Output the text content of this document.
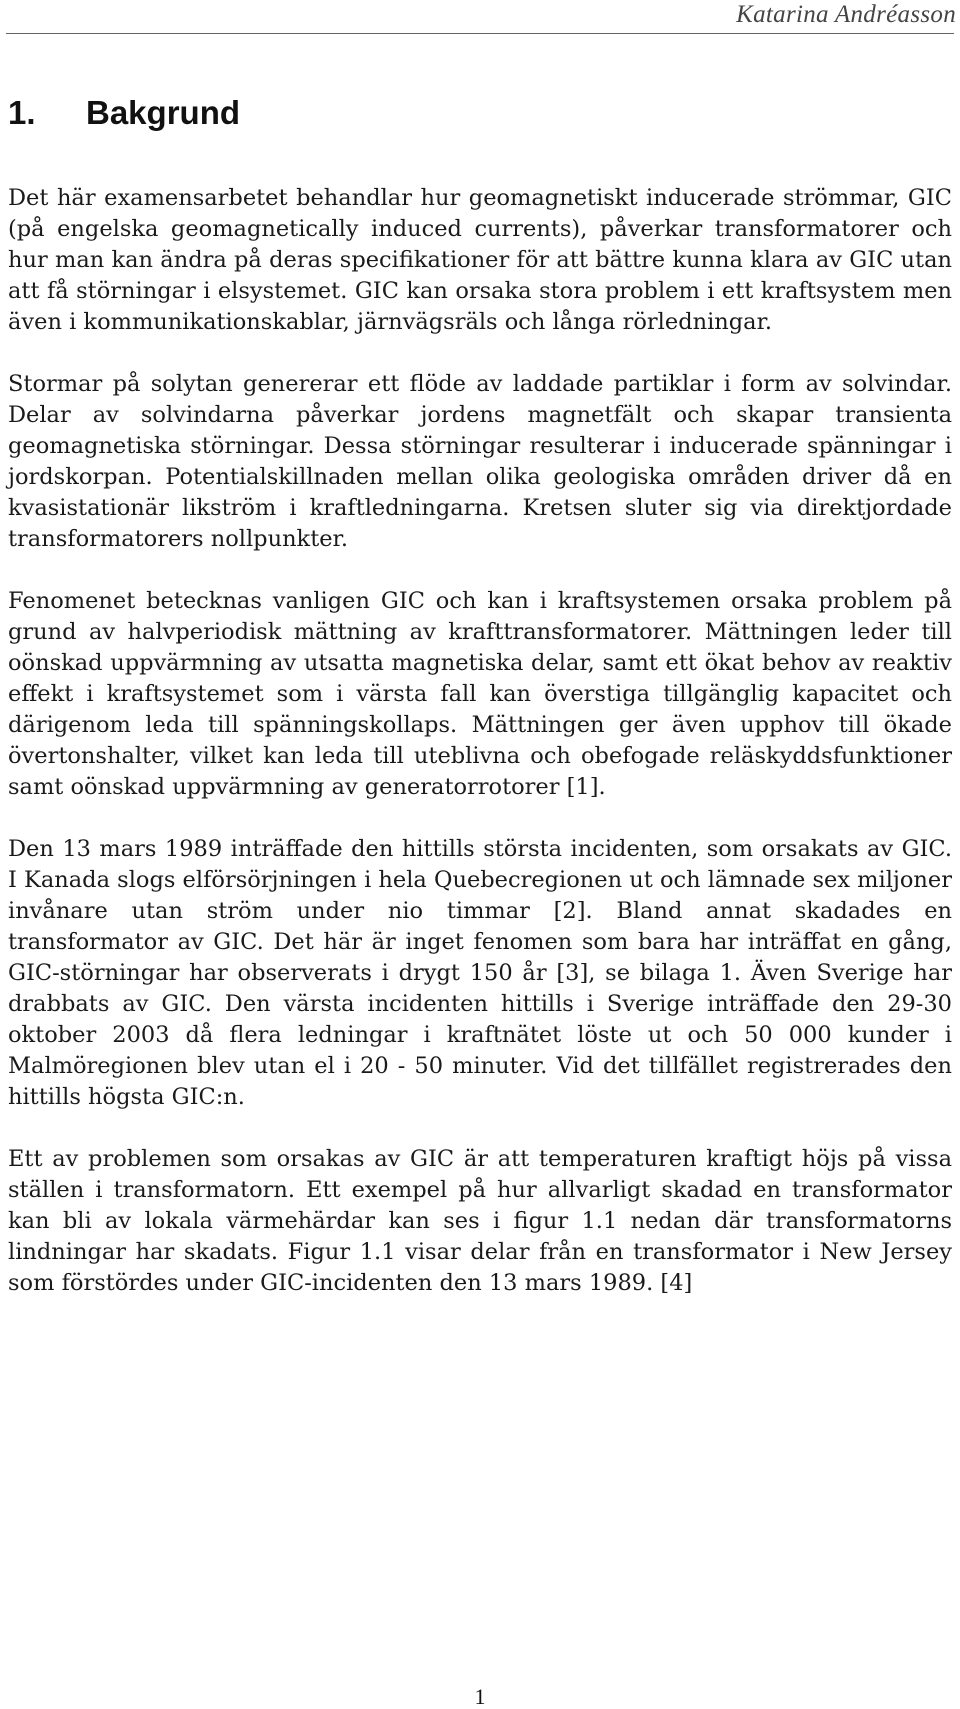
Katarina Andréasson
1. Bakgrund

Det här examensarbetet behandlar hur geomagnetiskt inducerade strömmar, GIC (på engelska geomagnetically induced currents), påverkar transformatorer och hur man kan ändra på deras specifikationer för att bättre kunna klara av GIC utan att få störningar i elsystemet. GIC kan orsaka stora problem i ett kraftsystem men även i kommunikationskablar, järnvägsräls och långa rörledningar.

Stormar på solytan genererar ett flöde av laddade partiklar i form av solvindar. Delar av solvindarna påverkar jordens magnetfält och skapar transienta geomagnetiska störningar. Dessa störningar resulterar i inducerade spänningar i jordskorpan. Potentialskillnaden mellan olika geologiska områden driver då en kvasistationär likström i kraftledningarna. Kretsen sluter sig via direktjordade transformatorers nollpunkter.

Fenomenet betecknas vanligen GIC och kan i kraftsystemen orsaka problem på grund av halvperiodisk mättning av krafttransformatorer. Mättningen leder till oönskad uppvärmning av utsatta magnetiska delar, samt ett ökat behov av reaktiv effekt i kraftsystemet som i värsta fall kan överstiga tillgänglig kapacitet och därigenom leda till spänningskollaps. Mättningen ger även upphov till ökade övertonshalter, vilket kan leda till uteblivna och obefogade reläskyddsfunktioner samt oönskad uppvärmning av generatorrotorer [1].

Den 13 mars 1989 inträffade den hittills största incidenten, som orsakats av GIC. I Kanada slogs elförsörjningen i hela Quebecregionen ut och lämnade sex miljoner invånare utan ström under nio timmar [2]. Bland annat skadades en transformator av GIC. Det här är inget fenomen som bara har inträffat en gång, GIC-störningar har observerats i drygt 150 år [3], se bilaga 1. Även Sverige har drabbats av GIC. Den värsta incidenten hittills i Sverige inträffade den 29-30 oktober 2003 då flera ledningar i kraftnätet löste ut och 50 000 kunder i Malmöregionen blev utan el i 20 - 50 minuter. Vid det tillfället registrerades den hittills högsta GIC:n.

Ett av problemen som orsakas av GIC är att temperaturen kraftigt höjs på vissa ställen i transformatorn. Ett exempel på hur allvarligt skadad en transformator kan bli av lokala värmehärdar kan ses i figur 1.1 nedan där transformatorns lindningar har skadats. Figur 1.1 visar delar från en transformator i New Jersey som förstördes under GIC-incidenten den 13 mars 1989. [4]

1
